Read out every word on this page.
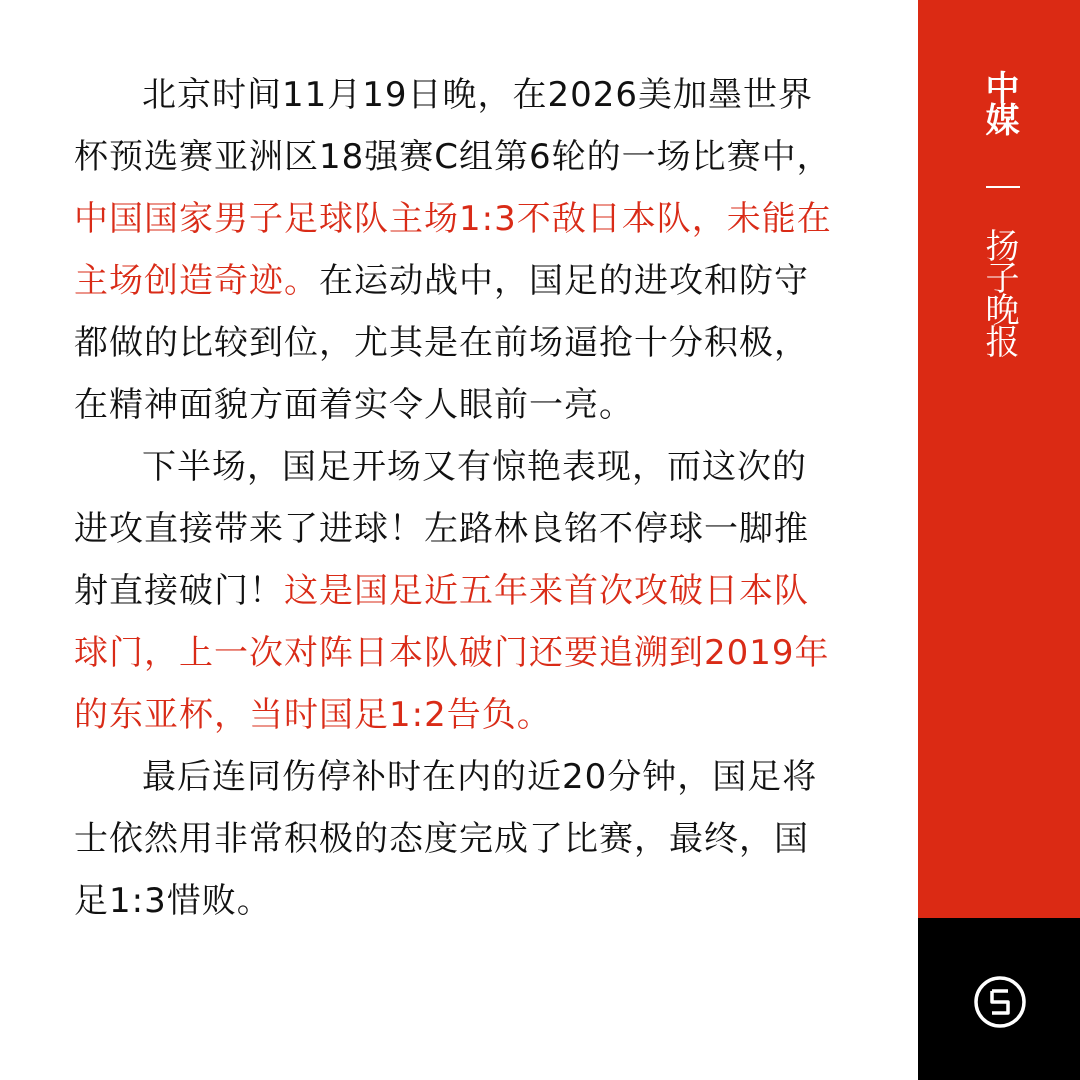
北京时间11月19日晚，在2026美加墨世界杯预选赛亚洲区18强赛C组第6轮的一场比赛中，中国国家男子足球队主场1:3不敌日本队，未能在主场创造奇迹。在运动战中，国足的进攻和防守都做的比较到位，尤其是在前场逼抢十分积极，在精神面貌方面着实令人眼前一亮。

下半场，国足开场又有惊艳表现，而这次的进攻直接带来了进球！左路林良铭不停球一脚推射直接破门！这是国足近五年来首次攻破日本队球门，上一次对阵日本队破门还要追溯到2019年的东亚杯，当时国足1:2告负。

最后连同伤停补时在内的近20分钟，国足将士依然用非常积极的态度完成了比赛，最终，国足1:3惜败。

中媒
扬子晚报
